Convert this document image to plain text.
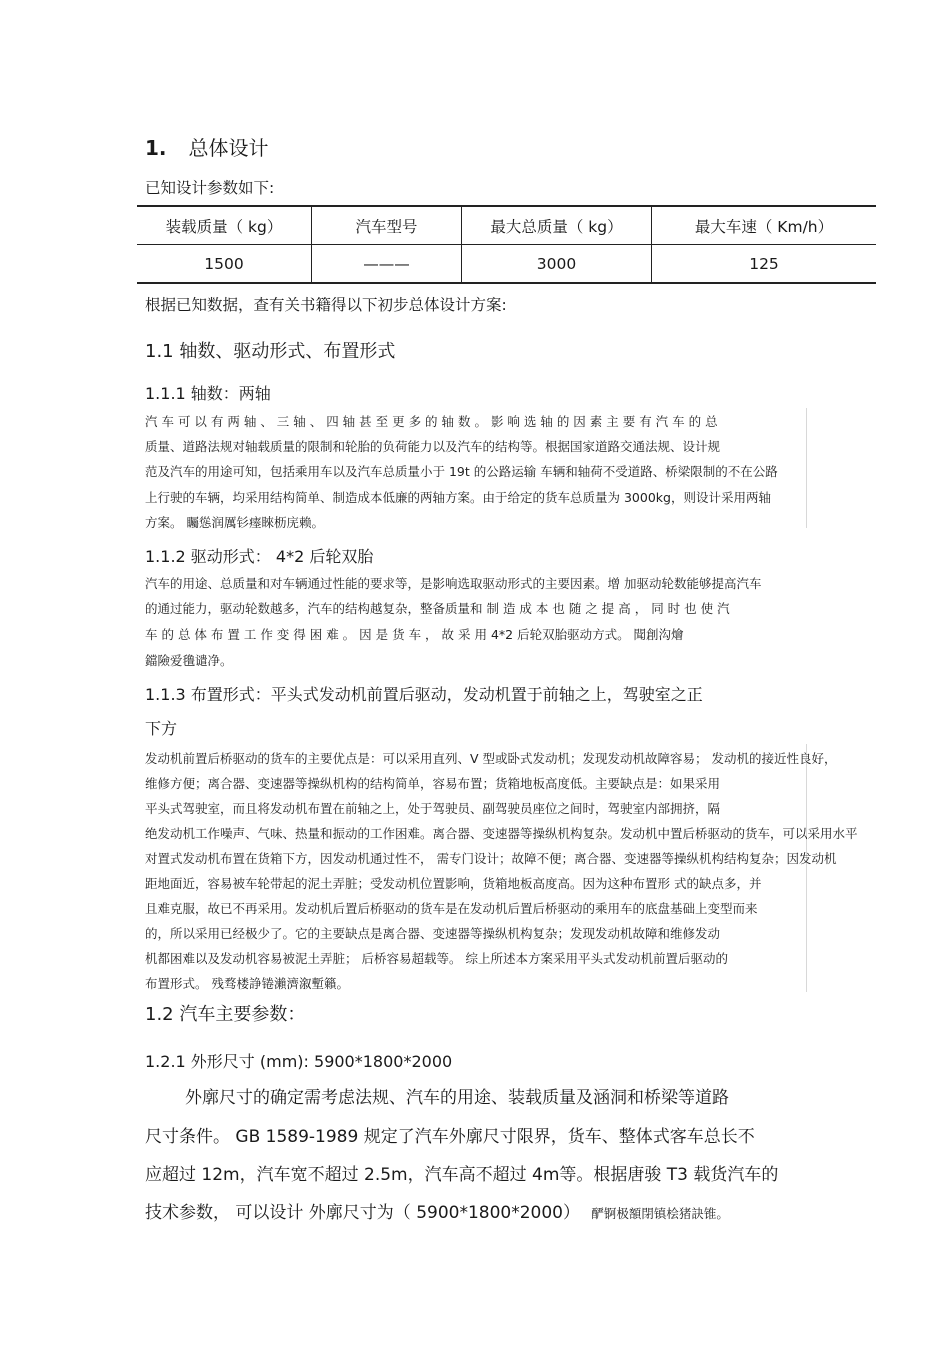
1. 总体设计
已知设计参数如下:
装载质量（ kg）	汽车型号	最大总质量（ kg）	最大车速（ Km/h）
1500	———	3000	125
根据已知数据，查有关书籍得以下初步总体设计方案:
1.1 轴数、驱动形式、布置形式
1.1.1 轴数：两轴
汽 车 可 以 有 两 轴 、 三 轴 、 四 轴 甚 至 更 多 的 轴 数 。 影 响 选 轴 的 因 素 主 要 有 汽 车 的 总
质量、道路法规对轴载质量的限制和轮胎的负荷能力以及汽车的结构等。根据国家道路交通法规、设计规
范及汽车的用途可知，包括乘用车以及汽车总质量小于 19t 的公路运输 车辆和轴荷不受道路、桥梁限制的不在公路
上行驶的车辆，均采用结构简单、制造成本低廉的两轴方案。由于给定的货车总质量为 3000kg，则设计采用两轴
方案。 矚慫润厲钐瘗睞枥庑赖。
1.1.2 驱动形式： 4*2 后轮双胎
汽车的用途、总质量和对车辆通过性能的要求等，是影响选取驱动形式的主要因素。增 加驱动轮数能够提高汽车
的通过能力，驱动轮数越多，汽车的结构越复杂，整备质量和 制 造 成 本 也 随 之 提 高 ， 同 时 也 使 汽
车 的 总 体 布 置 工 作 变 得 困 难 。 因 是 货 车 ， 故 采 用 4*2 后轮双胎驱动方式。 聞創沟燴
鐺險爱氇谴净。
1.1.3 布置形式：平头式发动机前置后驱动，发动机置于前轴之上，驾驶室之正
下方
发动机前置后桥驱动的货车的主要优点是：可以采用直列、V 型或卧式发动机；发现发动机故障容易； 发动机的接近性良好，
维修方便；离合器、变速器等操纵机构的结构简单，容易布置；货箱地板高度低。主要缺点是：如果采用
平头式驾驶室，而且将发动机布置在前轴之上，处于驾驶员、副驾驶员座位之间时，驾驶室内部拥挤，隔
绝发动机工作噪声、气味、热量和振动的工作困难。离合器、变速器等操纵机构复杂。发动机中置后桥驱动的货车，可以采用水平
对置式发动机布置在货箱下方，因发动机通过性不， 需专门设计；故障不便；离合器、变速器等操纵机构结构复杂；因发动机
距地面近，容易被车轮带起的泥土弄脏；受发动机位置影响，货箱地板高度高。因为这种布置形 式的缺点多，并
且难克服，故已不再采用。发动机后置后桥驱动的货车是在发动机后置后桥驱动的乘用车的底盘基础上变型而来
的，所以采用已经极少了。它的主要缺点是离合器、变速器等操纵机构复杂；发现发动机故障和维修发动
机都困难以及发动机容易被泥土弄脏； 后桥容易超载等。 综上所述本方案采用平头式发动机前置后驱动的
布置形式。 残骛楼諍锩瀨濟溆塹籟。
1.2 汽车主要参数：
1.2.1 外形尺寸 (mm): 5900*1800*2000
外廓尺寸的确定需考虑法规、汽车的用途、装载质量及涵洞和桥梁等道路
尺寸条件。 GB 1589-1989 规定了汽车外廓尺寸限界，货车、整体式客车总长不
应超过 12m，汽车宽不超过 2.5m，汽车高不超过 4m等。根据唐骏 T3 载货汽车的
技术参数， 可以设计 外廓尺寸为（ 5900*1800*2000） 酽锕极額閉镇桧猪訣锥。
